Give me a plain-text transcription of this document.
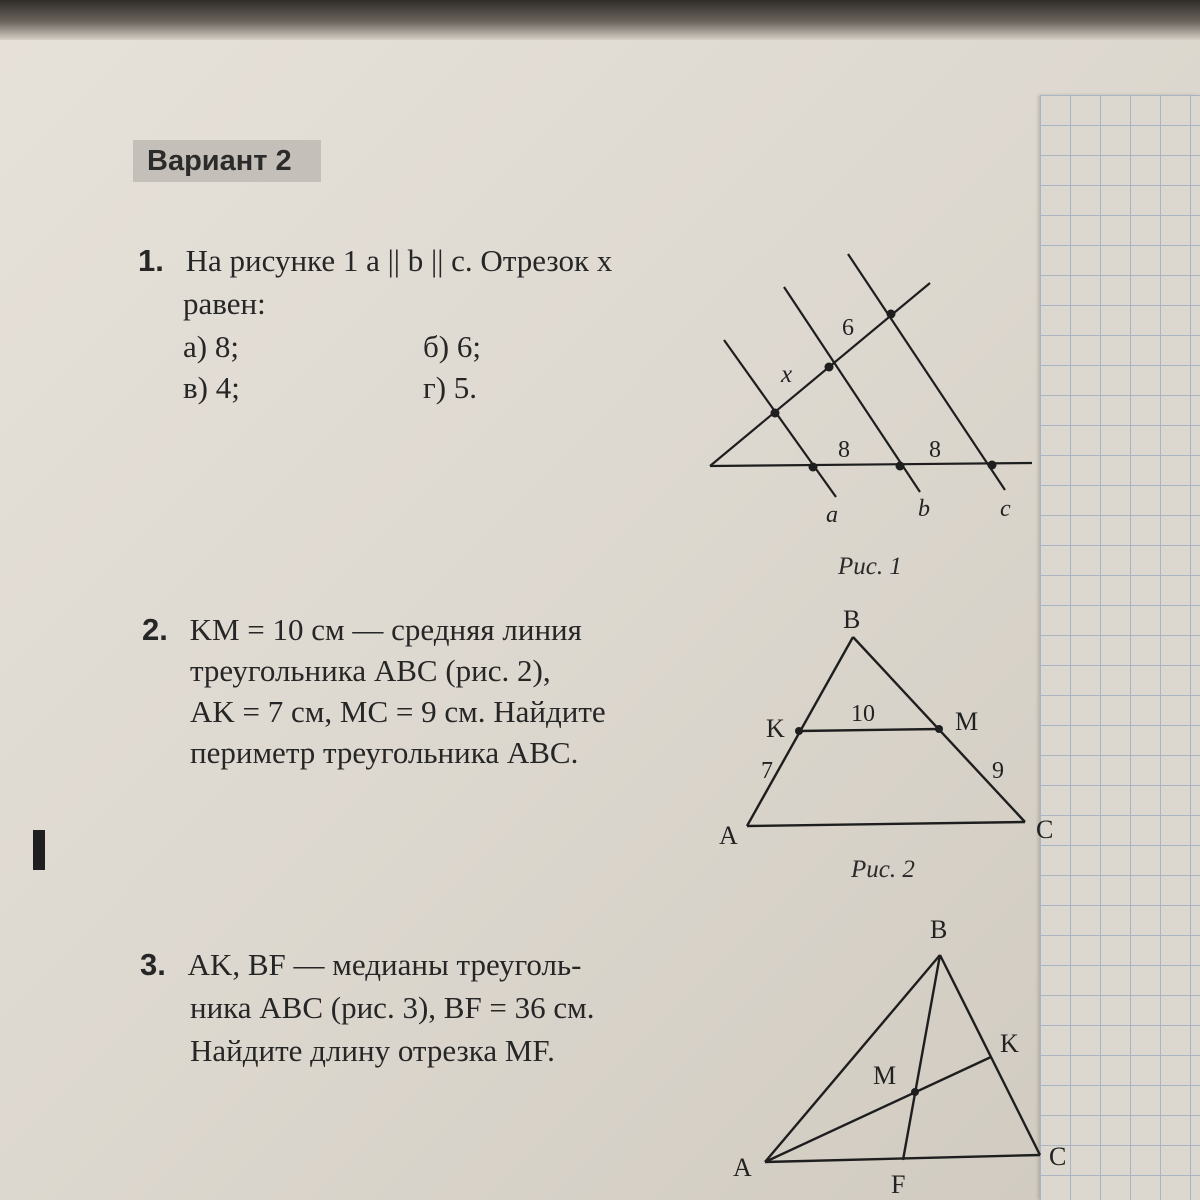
Вариант 2
1. На рисунке 1 a || b || c. Отрезок x
равен:
а) 8;	б) 6;
в) 4;	г) 5.	x
6
8	8
a	b	c
Рис. 1
2. KM = 10 см — средняя линия
треугольника ABC (рис. 2),
AK = 7 см, MC = 9 см. Найдите
периметр треугольника ABC.
B
K	M
10
7	9
A	C
Рис. 2
3. AK, BF — медианы треуголь-
ника ABC (рис. 3), BF = 36 см.
Найдите длину отрезка MF.
B
K
M
A	C
F
